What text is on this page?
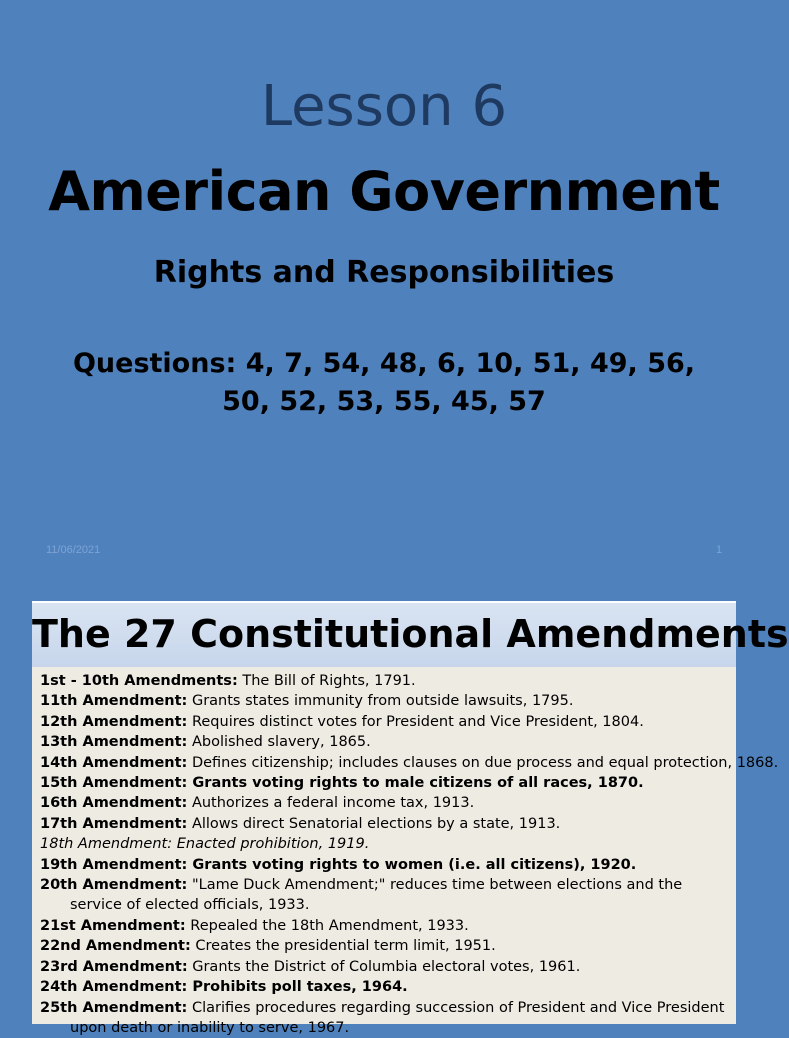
Lesson 6
American Government
Rights and Responsibilities
Questions: 4, 7, 54, 48, 6, 10, 51, 49, 56, 50, 52, 53, 55, 45, 57
11/06/2021	1
The 27 Constitutional Amendments
1st - 10th Amendments: The Bill of Rights, 1791.
11th Amendment: Grants states immunity from outside lawsuits, 1795.
12th Amendment: Requires distinct votes for President and Vice President, 1804.
13th Amendment: Abolished slavery, 1865.
14th Amendment: Defines citizenship; includes clauses on due process and equal protection, 1868.
15th Amendment: Grants voting rights to male citizens of all races, 1870.
16th Amendment: Authorizes a federal income tax, 1913.
17th Amendment: Allows direct Senatorial elections by a state, 1913.
18th Amendment: Enacted prohibition, 1919.
19th Amendment: Grants voting rights to women (i.e. all citizens), 1920.
20th Amendment: "Lame Duck Amendment;" reduces time between elections and the service of elected officials, 1933.
21st Amendment: Repealed the 18th Amendment, 1933.
22nd Amendment: Creates the presidential term limit, 1951.
23rd Amendment: Grants the District of Columbia electoral votes, 1961.
24th Amendment: Prohibits poll taxes, 1964.
25th Amendment: Clarifies procedures regarding succession of President and Vice President upon death or inability to serve, 1967.
